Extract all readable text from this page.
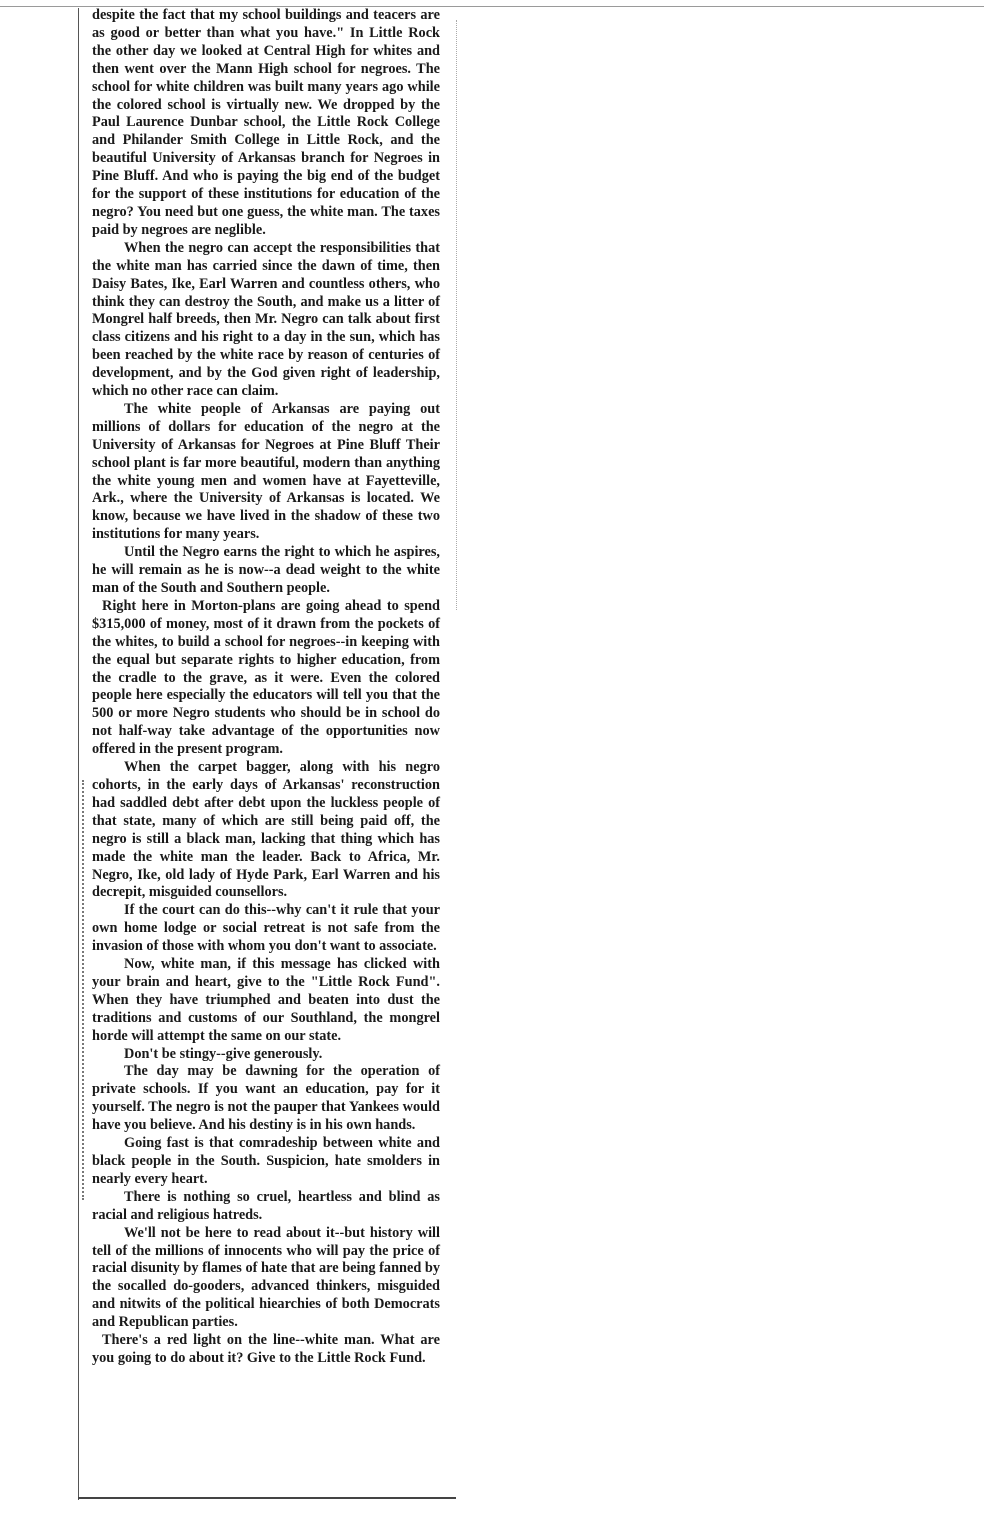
despite the fact that my school buildings and teacers are as good or better than what you have." In Little Rock the other day we looked at Central High for whites and then went over the Mann High school for negroes. The school for white children was built many years ago while the colored school is virtually new. We dropped by the Paul Laurence Dunbar school, the Little Rock College and Philander Smith College in Little Rock, and the beautiful University of Arkansas branch for Negroes in Pine Bluff. And who is paying the big end of the budget for the support of these institutions for education of the negro? You need but one guess, the white man. The taxes paid by negroes are neglible.

When the negro can accept the responsibilities that the white man has carried since the dawn of time, then Daisy Bates, Ike, Earl Warren and countless others, who think they can destroy the South, and make us a litter of Mongrel half breeds, then Mr. Negro can talk about first class citizens and his right to a day in the sun, which has been reached by the white race by reason of centuries of development, and by the God given right of leadership, which no other race can claim.

The white people of Arkansas are paying out millions of dollars for education of the negro at the University of Arkansas for Negroes at Pine Bluff Their school plant is far more beautiful, modern than anything the white young men and women have at Fayetteville, Ark., where the University of Arkansas is located. We know, because we have lived in the shadow of these two institutions for many years.

Until the Negro earns the right to which he aspires, he will remain as he is now--a dead weight to the white man of the South and Southern people.

Right here in Morton-plans are going ahead to spend $315,000 of money, most of it drawn from the pockets of the whites, to build a school for negroes--in keeping with the equal but separate rights to higher education, from the cradle to the grave, as it were. Even the colored people here especially the educators will tell you that the 500 or more Negro students who should be in school do not half-way take advantage of the opportunities now offered in the present program.

When the carpet bagger, along with his negro cohorts, in the early days of Arkansas' reconstruction had saddled debt after debt upon the luckless people of that state, many of which are still being paid off, the negro is still a black man, lacking that thing which has made the white man the leader. Back to Africa, Mr. Negro, Ike, old lady of Hyde Park, Earl Warren and his decrepit, misguided counsellors.

If the court can do this--why can't it rule that your own home lodge or social retreat is not safe from the invasion of those with whom you don't want to associate.

Now, white man, if this message has clicked with your brain and heart, give to the "Little Rock Fund". When they have triumphed and beaten into dust the traditions and customs of our Southland, the mongrel horde will attempt the same on our state.

Don't be stingy--give generously.

The day may be dawning for the operation of private schools. If you want an education, pay for it yourself. The negro is not the pauper that Yankees would have you believe. And his destiny is in his own hands.

Going fast is that comradeship between white and black people in the South. Suspicion, hate smolders in nearly every heart.

There is nothing so cruel, heartless and blind as racial and religious hatreds.

We'll not be here to read about it--but history will tell of the millions of innocents who will pay the price of racial disunity by flames of hate that are being fanned by the socalled do-gooders, advanced thinkers, misguided and nitwits of the political hiearchies of both Democrats and Republican parties.

There's a red light on the line--white man. What are you going to do about it? Give to the Little Rock Fund.
